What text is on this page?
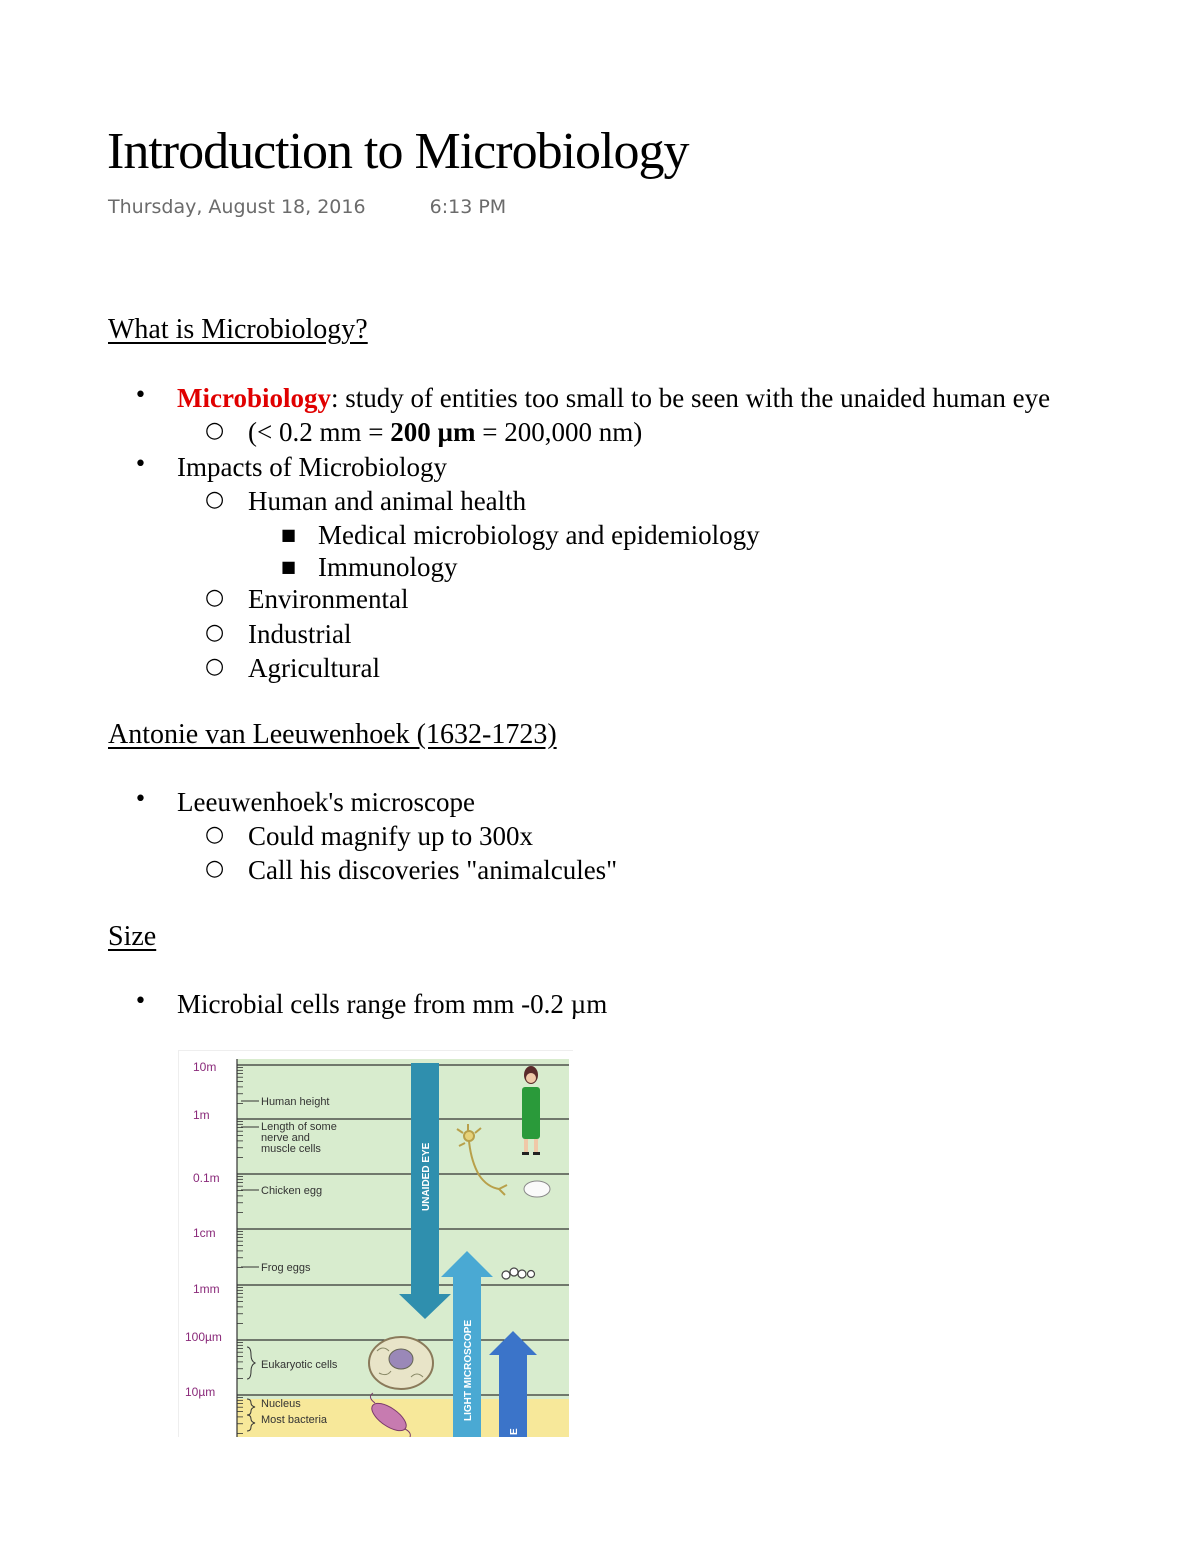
Introduction to Microbiology
Thursday, August 18, 2016	6:13 PM
What is Microbiology?
• Microbiology: study of entities too small to be seen with the unaided human eye
○ (< 0.2 mm = 200 µm = 200,000 nm)
• Impacts of Microbiology
○ Human and animal health
■ Medical microbiology and epidemiology
■ Immunology
○ Environmental
○ Industrial
○ Agricultural
Antonie van Leeuwenhoek (1632-1723)
• Leeuwenhoek's microscope
○ Could magnify up to 300x
○ Call his discoveries "animalcules"
Size
• Microbial cells range from mm -0.2 µm
10m
1m
0.1m
1cm
1mm
100µm
10µm
Human height
Length of some
nerve and
muscle cells
Chicken egg
Frog eggs
Eukaryotic cells
Nucleus
Most bacteria
UNAIDED EYE
LIGHT MICROSCOPE
E
